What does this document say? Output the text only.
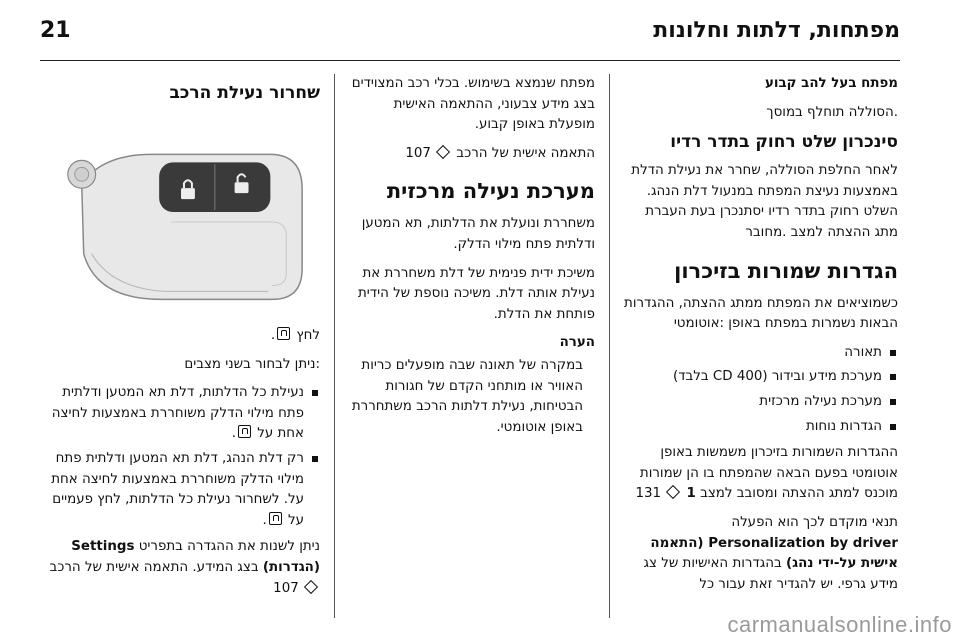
21	מפתחות, דלתות וחלונות

מפתח בעל להב קבוע

.הסוללה תוחלף במוסך

סינכרון שלט רחוק בתדר רדיו

לאחר החלפת הסוללה, שחרר את נעילת הדלת באמצעות נעיצת המפתח במנעול דלת הנהג. השלט רחוק בתדר רדיו יסתנכרן בעת העברת מתג ההצתה למצב .מחובר

הגדרות שמורות בזיכרון

כשמוציאים את המפתח ממתג ההצתה, ההגדרות הבאות נשמרות במפתח באופן :אוטומטי

תאורה
מערכת מידע ובידור (CD 400 בלבד)
מערכת נעילה מרכזית
הגדרות נוחות

ההגדרות השמורות בזיכרון משמשות באופן אוטומטי בפעם הבאה שהמפתח בו הן שמורות מוכנס למתג ההצתה ומסובב למצב 1  131

תנאי מוקדם לכך הוא הפעלה Personalization by driver (התאמה אישית על-ידי נהג) בהגדרות האישיות של צג מידע גרפי. יש להגדיר זאת עבור כל

מפתח שנמצא בשימוש. בכלי רכב המצוידים בצג מידע צבעוני, ההתאמה האישית מופעלת באופן קבוע.

התאמה אישית של הרכב  107

מערכת נעילה מרכזית

משחררת ונועלת את הדלתות, תא המטען ודלתית פתח מילוי הדלק.

משיכת ידית פנימית של דלת משחררת את נעילת אותה דלת. משיכה נוספת של הידית פותחת את הדלת.

הערה
במקרה של תאונה שבה מופעלים כריות האוויר או מותחני הקדם של חגורות הבטיחות, נעילת דלתות הרכב משתחררת באופן אוטומטי.
שחרור נעילת הרכב

לחץ .

:ניתן לבחור בשני מצבים

נעילת כל הדלתות, דלת תא המטען ודלתית פתח מילוי הדלק משוחררת באמצעות לחיצה אחת על .
רק דלת הנהג, דלת תא המטען ודלתית פתח מילוי הדלק משוחררת באמצעות לחיצה אחת על. לשחרור נעילת כל הדלתות, לחץ פעמיים על .

ניתן לשנות את ההגדרה בתפריט Settings (הגדרות) בצג המידע. התאמה אישית של הרכב  107

carmanualsonline.info
